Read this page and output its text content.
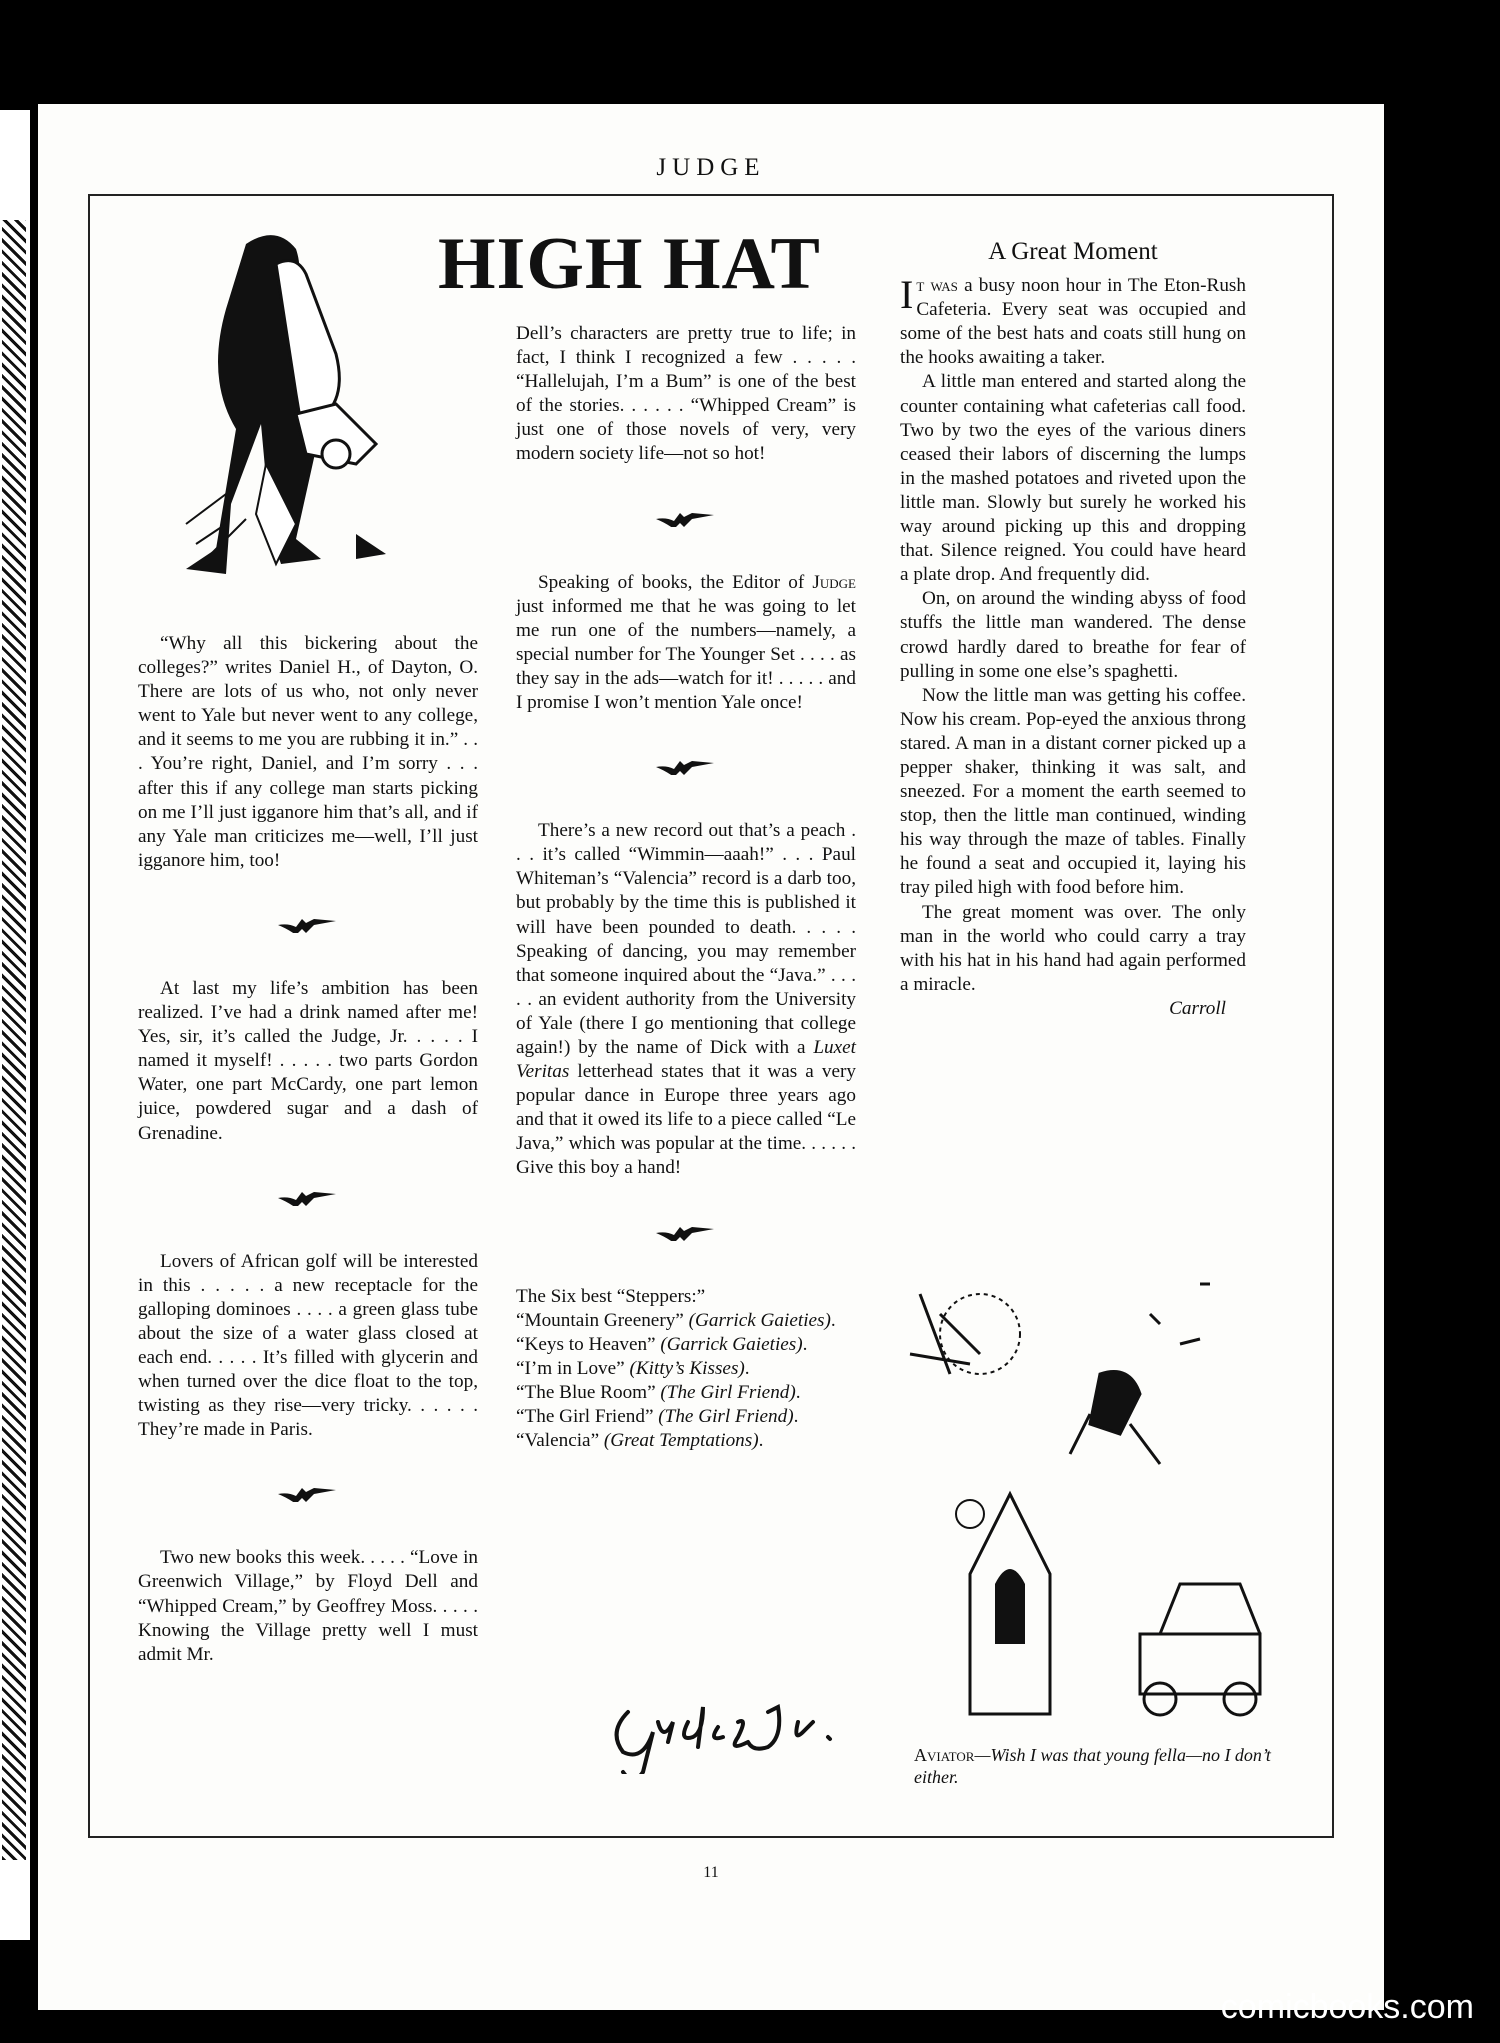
JUDGE
HIGH HAT

“Why all this bickering about the colleges?” writes Daniel H., of Dayton, O. There are lots of us who, not only never went to Yale but never went to any college, and it seems to me you are rubbing it in.” . . . You’re right, Daniel, and I’m sorry . . . after this if any college man starts picking on me I’ll just igganore him that’s all, and if any Yale man criticizes me—well, I’ll just igganore him, too!

At last my life’s ambition has been realized. I’ve had a drink named after me! Yes, sir, it’s called the Judge, Jr. . . . . I named it myself! . . . . . two parts Gordon Water, one part McCardy, one part lemon juice, powdered sugar and a dash of Grenadine.

Lovers of African golf will be interested in this . . . . . a new receptacle for the galloping dominoes . . . . a green glass tube about the size of a water glass closed at each end. . . . . It’s filled with glycerin and when turned over the dice float to the top, twisting as they rise—very tricky. . . . . . They’re made in Paris.

Two new books this week. . . . . “Love in Greenwich Village,” by Floyd Dell and “Whipped Cream,” by Geoffrey Moss. . . . . Knowing the Village pretty well I must admit Mr.

Dell’s characters are pretty true to life; in fact, I think I recognized a few . . . . . “Hallelujah, I’m a Bum” is one of the best of the stories. . . . . . “Whipped Cream” is just one of those novels of very, very modern society life—not so hot!

Speaking of books, the Editor of Judge just informed me that he was going to let me run one of the numbers—namely, a special number for The Younger Set . . . . as they say in the ads—watch for it! . . . . . and I promise I won’t mention Yale once!

There’s a new record out that’s a peach . . . it’s called “Wimmin—aaah!” . . . Paul Whiteman’s “Valencia” record is a darb too, but probably by the time this is published it will have been pounded to death. . . . . Speaking of dancing, you may remember that someone inquired about the “Java.” . . . . . an evident authority from the University of Yale (there I go mentioning that college again!) by the name of Dick with a Luxet Veritas letterhead states that it was a very popular dance in Europe three years ago and that it owed its life to a piece called “Le Java,” which was popular at the time. . . . . . Give this boy a hand!

The Six best “Steppers:”

“Mountain Greenery” (Garrick Gaieties).

“Keys to Heaven” (Garrick Gaieties).

“I’m in Love” (Kitty’s Kisses).

“The Blue Room” (The Girl Friend).

“The Girl Friend” (The Girl Friend).

“Valencia” (Great Temptations).

A Great Moment

It was a busy noon hour in The Eton-Rush Cafeteria. Every seat was occupied and some of the best hats and coats still hung on the hooks awaiting a taker.

A little man entered and started along the counter containing what cafeterias call food. Two by two the eyes of the various diners ceased their labors of discerning the lumps in the mashed potatoes and riveted upon the little man. Slowly but surely he worked his way around picking up this and dropping that. Silence reigned. You could have heard a plate drop. And frequently did.

On, on around the winding abyss of food stuffs the little man wandered. The dense crowd hardly dared to breathe for fear of pulling in some one else’s spaghetti.

Now the little man was getting his coffee. Now his cream. Pop-eyed the anxious throng stared. A man in a distant corner picked up a pepper shaker, thinking it was salt, and sneezed. For a moment the earth seemed to stop, then the little man continued, winding his way through the maze of tables. Finally he found a seat and occupied it, laying his tray piled high with food before him.

The great moment was over. The only man in the world who could carry a tray with his hat in his hand had again performed a miracle.

Carroll

Aviator—Wish I was that young fella—no I don’t either.
11
comicbooks.com
